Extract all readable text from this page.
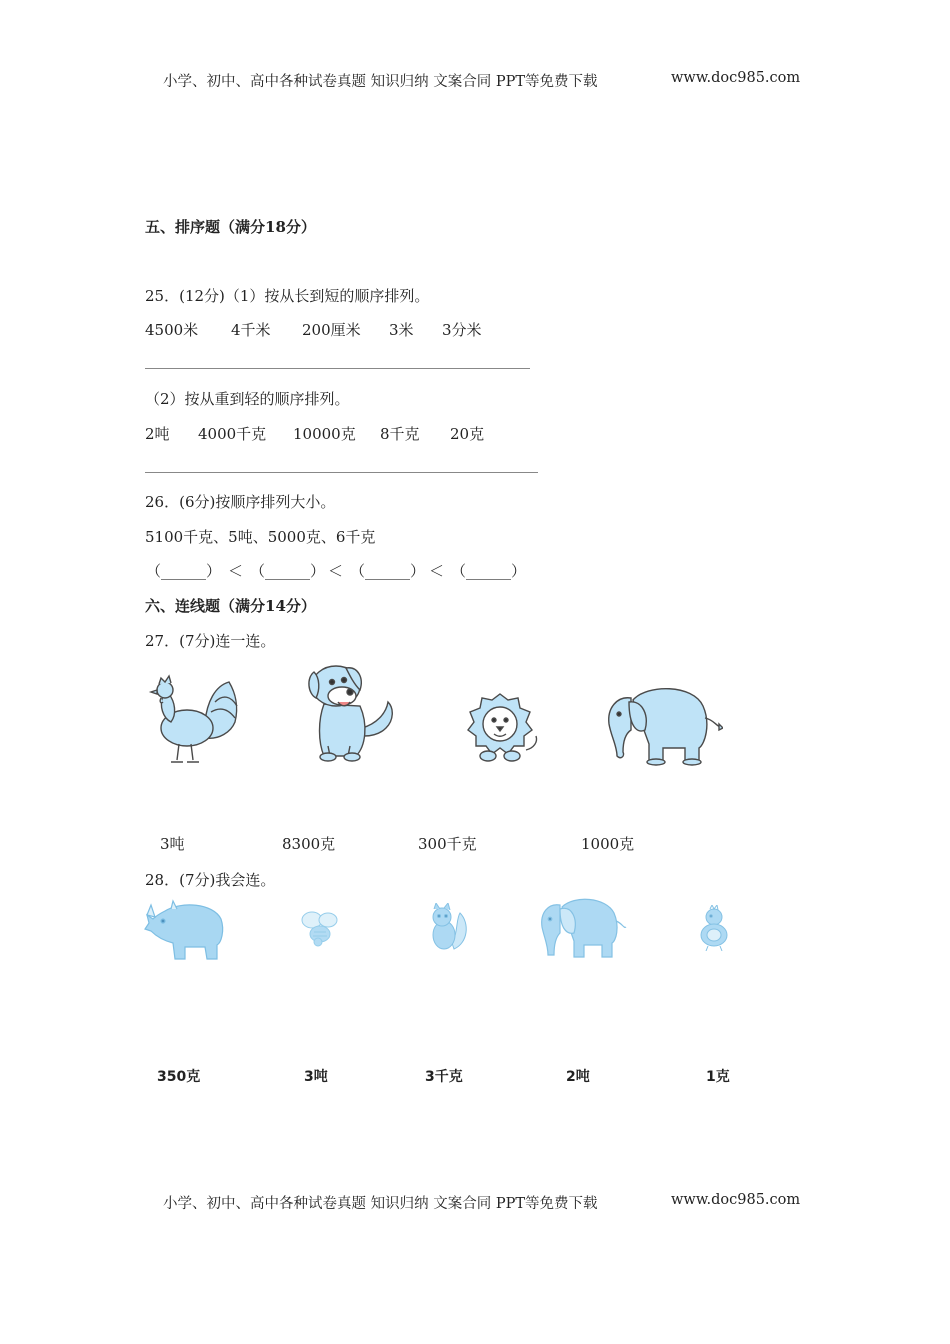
小学、初中、高中各种试卷真题 知识归纳 文案合同 PPT等免费下载	www.doc985.com
五、排序题（满分18分）
25．(12分)（1）按从长到短的顺序排列。
4500米 4千米 200厘米 3米 3分米
（2）按从重到轻的顺序排列。
2吨 4000千克 10000克 8千克 20克
26．(6分)按顺序排列大小。
5100千克、5吨、5000克、6千克
（______） ＜ （______） ＜ （______） ＜ （______）
六、连线题（满分14分）
27．(7分)连一连。
3吨	8300克	300千克	1000克
28．(7分)我会连。
350克	3吨	3千克	2吨	1克
小学、初中、高中各种试卷真题 知识归纳 文案合同 PPT等免费下载	www.doc985.com
